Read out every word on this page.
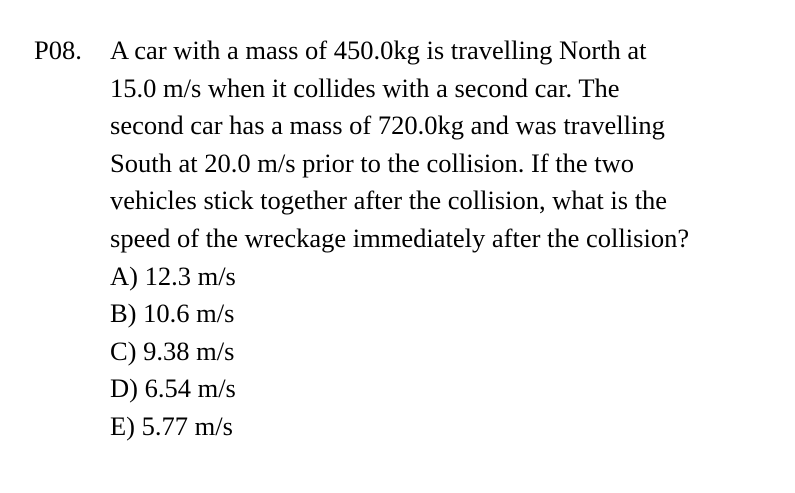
P08. A car with a mass of 450.0kg is travelling North at
15.0 m/s when it collides with a second car. The
second car has a mass of 720.0kg and was travelling
South at 20.0 m/s prior to the collision. If the two
vehicles stick together after the collision, what is the
speed of the wreckage immediately after the collision?
A) 12.3 m/s
B) 10.6 m/s
C) 9.38 m/s
D) 6.54 m/s
E) 5.77 m/s
